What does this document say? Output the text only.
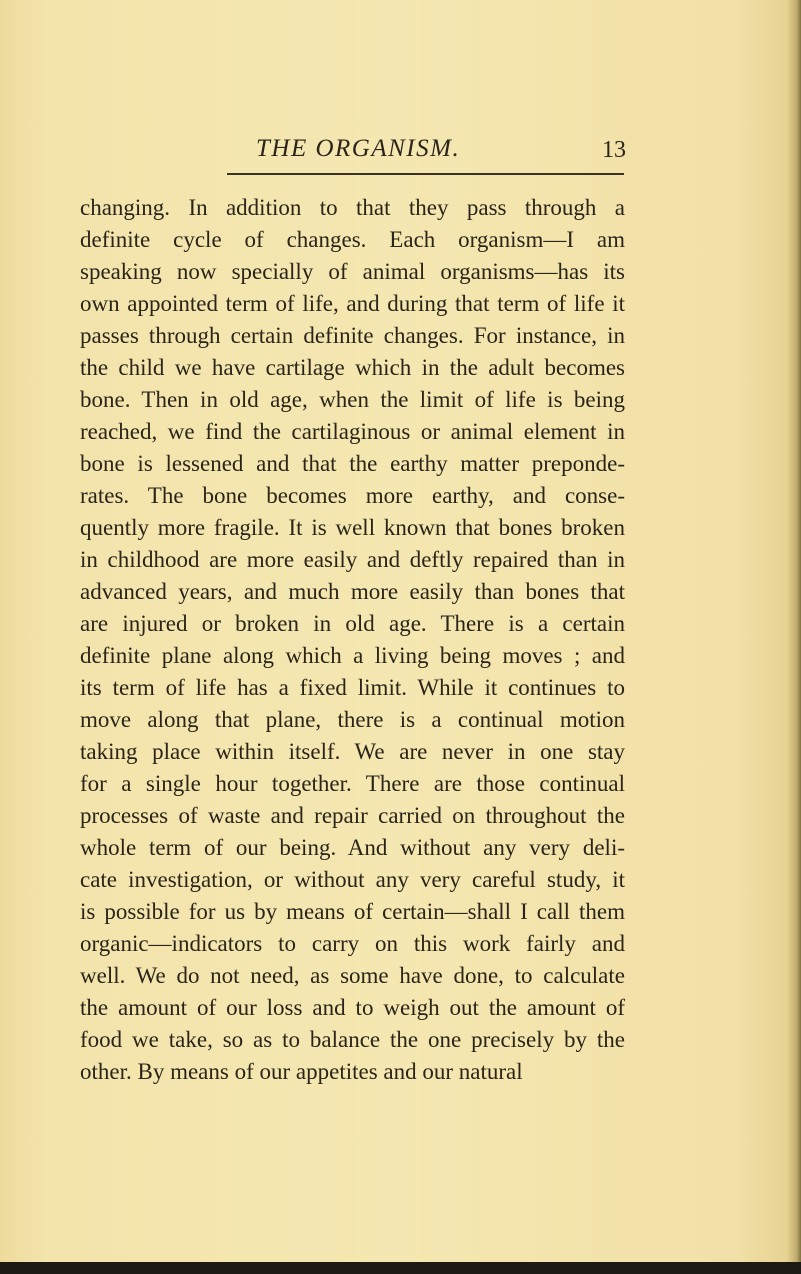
THE ORGANISM.	13
changing. In addition to that they pass through a
definite cycle of changes. Each organism—I am
speaking now specially of animal organisms—has its
own appointed term of life, and during that term of life it
passes through certain definite changes. For instance, in
the child we have cartilage which in the adult becomes
bone. Then in old age, when the limit of life is being
reached, we find the cartilaginous or animal element in
bone is lessened and that the earthy matter preponde-
rates. The bone becomes more earthy, and conse-
quently more fragile. It is well known that bones broken
in childhood are more easily and deftly repaired than in
advanced years, and much more easily than bones that
are injured or broken in old age. There is a certain
definite plane along which a living being moves ; and
its term of life has a fixed limit. While it continues to
move along that plane, there is a continual motion
taking place within itself. We are never in one stay
for a single hour together. There are those continual
processes of waste and repair carried on throughout the
whole term of our being. And without any very deli-
cate investigation, or without any very careful study, it
is possible for us by means of certain—shall I call them
organic—indicators to carry on this work fairly and
well. We do not need, as some have done, to calculate
the amount of our loss and to weigh out the amount of
food we take, so as to balance the one precisely by the
other. By means of our appetites and our natural
